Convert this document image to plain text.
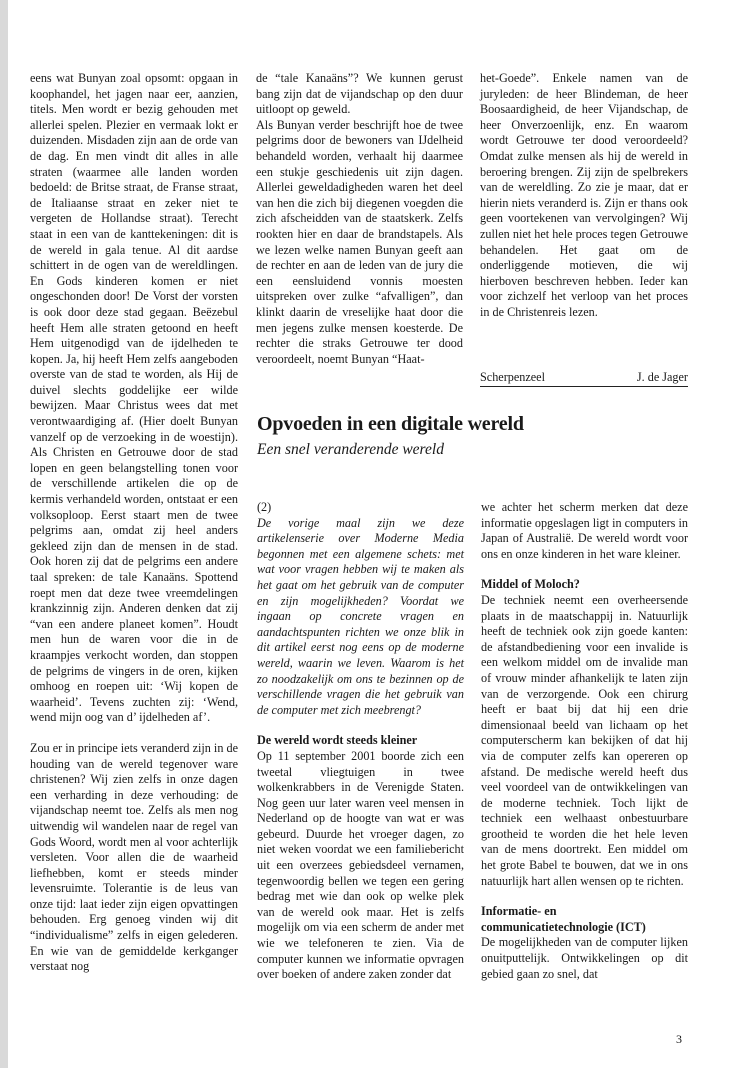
eens wat Bunyan zoal opsomt: opgaan in koophandel, het jagen naar eer, aanzien, titels. Men wordt er bezig gehouden met allerlei spelen. Plezier en vermaak lokt er duizenden. Misdaden zijn aan de orde van de dag. En men vindt dit alles in alle straten (waarmee alle landen worden bedoeld: de Britse straat, de Franse straat, de Italiaanse straat en zeker niet te vergeten de Hollandse straat). Terecht staat in een van de kanttekeningen: dit is de wereld in gala tenue. Al dit aardse schittert in de ogen van de wereldlingen. En Gods kinderen komen er niet ongeschonden door! De Vorst der vorsten is ook door deze stad gegaan. Beëzebul heeft Hem alle straten getoond en heeft Hem uitgenodigd van de ijdelheden te kopen. Ja, hij heeft Hem zelfs aangeboden overste van de stad te worden, als Hij de duivel slechts goddelijke eer wilde bewijzen. Maar Christus wees dat met verontwaardiging af. (Hier doelt Bunyan vanzelf op de verzoeking in de woestijn). Als Christen en Getrouwe door de stad lopen en geen belangstelling tonen voor de verschillende artikelen die op de kermis verhandeld worden, ontstaat er een volksoploop. Eerst staart men de twee pelgrims aan, omdat zij heel anders gekleed zijn dan de mensen in de stad. Ook horen zij dat de pelgrims een andere taal spreken: de tale Kanaäns. Spottend roept men dat deze twee vreemdelingen krankzinnig zijn. Anderen denken dat zij “van een andere planeet komen”. Houdt men hun de waren voor die in de kraampjes verkocht worden, dan stoppen de pelgrims de vingers in de oren, kijken omhoog en roepen uit: ‘Wij kopen de waarheid’. Tevens zuchten zij: ‘Wend, wend mijn oog van d’ ijdelheden af’.

Zou er in principe iets veranderd zijn in de houding van de wereld tegenover ware christenen? Wij zien zelfs in onze dagen een verharding in deze verhouding: de vijandschap neemt toe. Zelfs als men nog uitwendig wil wandelen naar de regel van Gods Woord, wordt men al voor achterlijk versleten. Voor allen die de waarheid liefhebben, komt er steeds minder levensruimte. Tolerantie is de leus van onze tijd: laat ieder zijn eigen opvattingen behouden. Erg genoeg vinden wij dit “individualisme” zelfs in eigen gelederen. En wie van de gemiddelde kerkganger verstaat nog

de “tale Kanaäns”? We kunnen gerust bang zijn dat de vijandschap op den duur uitloopt op geweld.

Als Bunyan verder beschrijft hoe de twee pelgrims door de bewoners van IJdelheid behandeld worden, verhaalt hij daarmee een stukje geschiedenis uit zijn dagen. Allerlei geweldadigheden waren het deel van hen die zich bij diegenen voegden die zich afscheidden van de staatskerk. Zelfs rookten hier en daar de brandstapels. Als we lezen welke namen Bunyan geeft aan de rechter en aan de leden van de jury die een eensluidend vonnis moesten uitspreken over zulke “afvalligen”, dan klinkt daarin de vreselijke haat door die men jegens zulke mensen koesterde. De rechter die straks Getrouwe ter dood veroordeelt, noemt Bunyan “Haat-

het-Goede”. Enkele namen van de juryleden: de heer Blindeman, de heer Boosaardigheid, de heer Vijandschap, de heer Onverzoenlijk, enz. En waarom wordt Getrouwe ter dood veroordeeld? Omdat zulke mensen als hij de wereld in beroering brengen. Zij zijn de spelbrekers van de wereldling. Zo zie je maar, dat er hierin niets veranderd is. Zijn er thans ook geen voortekenen van vervolgingen? Wij zullen niet het hele proces tegen Getrouwe behandelen. Het gaat om de onderliggende motieven, die wij hierboven beschreven hebben. Ieder kan voor zichzelf het verloop van het proces in de Christenreis lezen.

Scherpenzeel	J. de Jager
Opvoeden in een digitale wereld
Een snel veranderende wereld

(2)

De vorige maal zijn we deze artikelenserie over Moderne Media begonnen met een algemene schets: met wat voor vragen hebben wij te maken als het gaat om het gebruik van de computer en zijn mogelijkheden? Voordat we ingaan op concrete vragen en aandachtspunten richten we onze blik in dit artikel eerst nog eens op de moderne wereld, waarin we leven. Waarom is het zo noodzakelijk om ons te bezinnen op de verschillende vragen die het gebruik van de computer met zich meebrengt?

De wereld wordt steeds kleiner

Op 11 september 2001 boorde zich een tweetal vliegtuigen in twee wolkenkrabbers in de Verenigde Staten. Nog geen uur later waren veel mensen in Nederland op de hoogte van wat er was gebeurd. Duurde het vroeger dagen, zo niet weken voordat we een familiebericht uit een overzees gebiedsdeel vernamen, tegenwoordig bellen we tegen een gering bedrag met wie dan ook op welke plek van de wereld ook maar. Het is zelfs mogelijk om via een scherm de ander met wie we telefoneren te zien. Via de computer kunnen we informatie opvragen over boeken of andere zaken zonder dat

we achter het scherm merken dat deze informatie opgeslagen ligt in computers in Japan of Australië. De wereld wordt voor ons en onze kinderen in het ware kleiner.

Middel of Moloch?

De techniek neemt een overheersende plaats in de maatschappij in. Natuurlijk heeft de techniek ook zijn goede kanten: de afstandbediening voor een invalide is een welkom middel om de invalide man of vrouw minder afhankelijk te laten zijn van de verzorgende. Ook een chirurg heeft er baat bij dat hij een drie dimensionaal beeld van lichaam op het computerscherm kan bekijken of dat hij via de computer zelfs kan opereren op afstand. De medische wereld heeft dus veel voordeel van de ontwikkelingen van de moderne techniek. Toch lijkt de techniek een welhaast onbestuurbare grootheid te worden die het hele leven van de mens doortrekt. Een middel om het grote Babel te bouwen, dat we in ons natuurlijk hart allen wensen op te richten.

Informatie- en communicatietechnologie (ICT)

De mogelijkheden van de computer lijken onuitputtelijk. Ontwikkelingen op dit gebied gaan zo snel, dat

3
